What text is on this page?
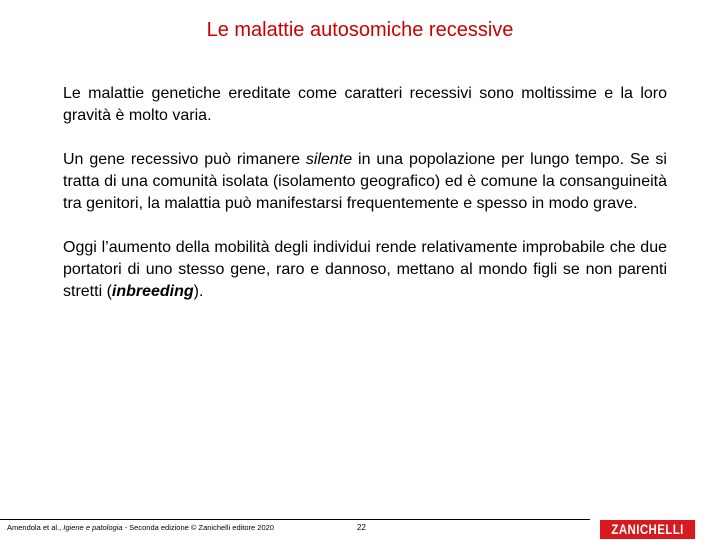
Le malattie autosomiche recessive

Le malattie genetiche ereditate come caratteri recessivi sono moltissime e la loro gravità è molto varia.

Un gene recessivo può rimanere silente in una popolazione per lungo tempo. Se si tratta di una comunità isolata (isolamento geografico) ed è comune la consanguineità tra genitori, la malattia può manifestarsi frequentemente e spesso in modo grave.

Oggi l’aumento della mobilità degli individui rende relativamente improbabile che due portatori di uno stesso gene, raro e dannoso, mettano al mondo figli se non parenti stretti (inbreeding).

Amendola et al., Igiene e patologia - Seconda edizione © Zanichelli editore 2020	22	ZANICHELLI
